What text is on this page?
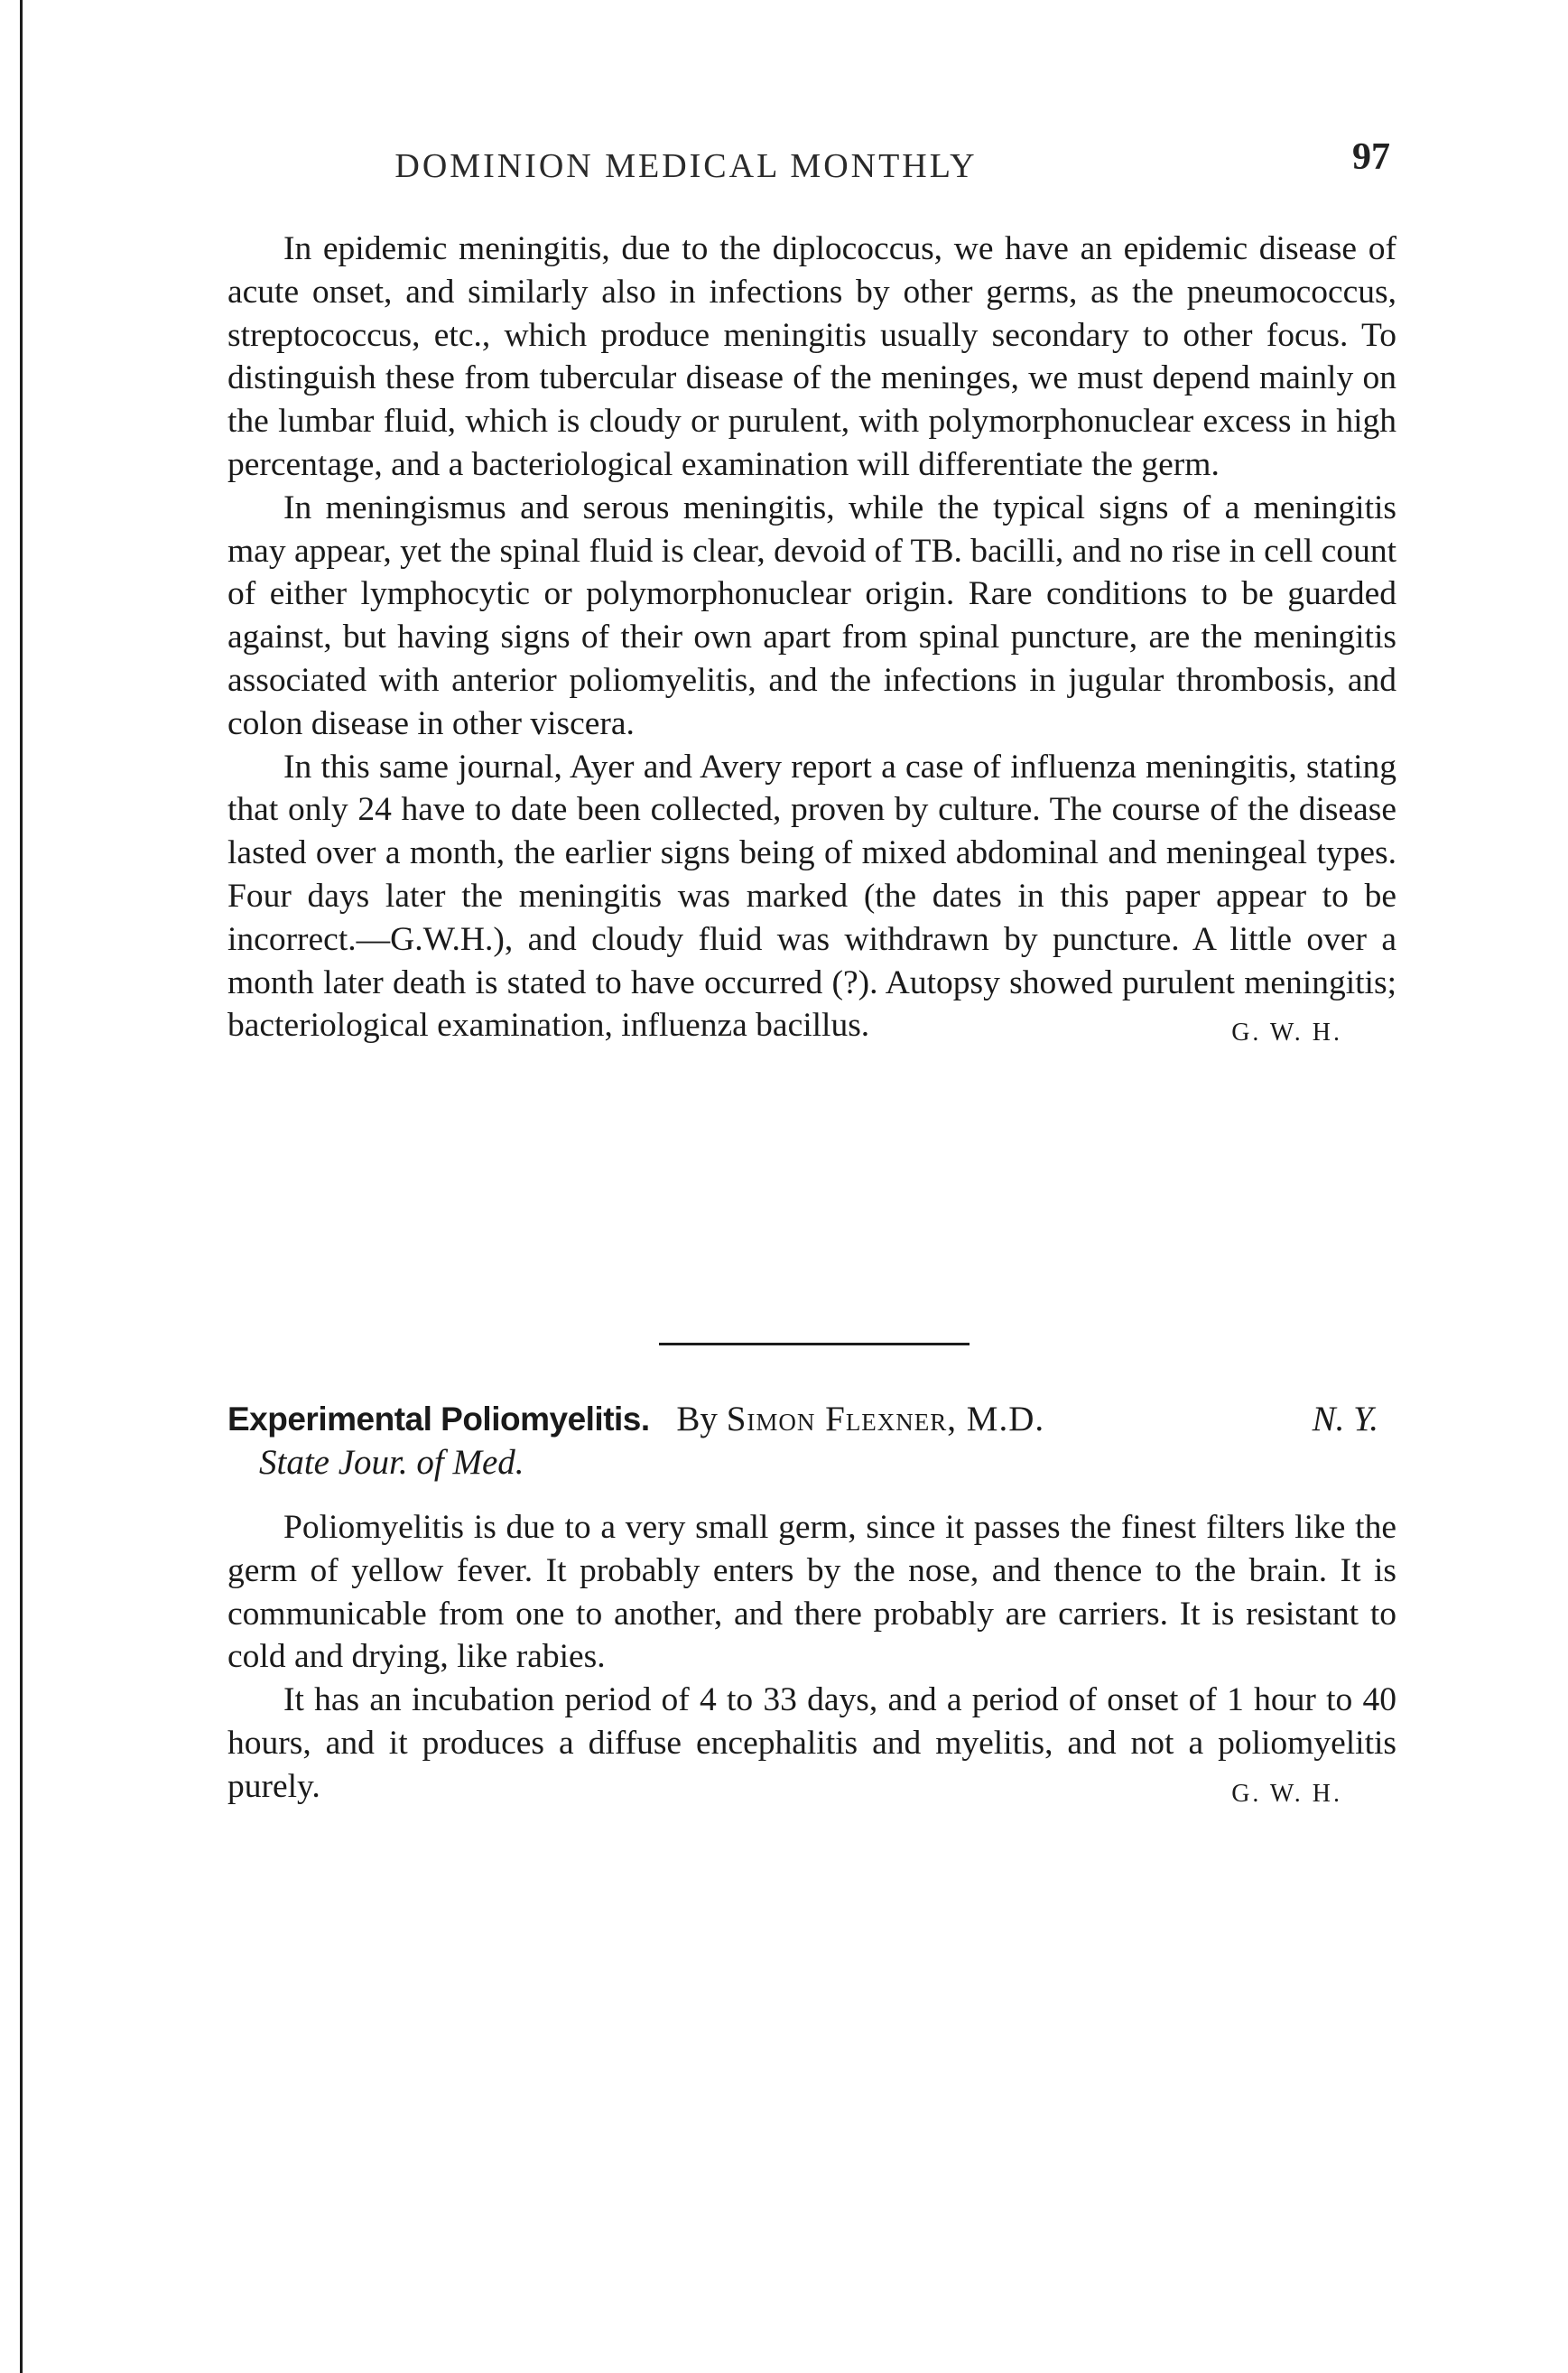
DOMINION MEDICAL MONTHLY	97

In epidemic meningitis, due to the diplococcus, we have an epidemic disease of acute onset, and similarly also in infections by other germs, as the pneumococcus, streptococcus, etc., which produce meningitis usually secondary to other focus. To distinguish these from tubercular disease of the meninges, we must depend mainly on the lumbar fluid, which is cloudy or purulent, with polymorphonuclear excess in high percentage, and a bacteriological examination will differentiate the germ.

In meningismus and serous meningitis, while the typical signs of a meningitis may appear, yet the spinal fluid is clear, devoid of TB. bacilli, and no rise in cell count of either lymphocytic or polymorphonuclear origin. Rare conditions to be guarded against, but having signs of their own apart from spinal puncture, are the meningitis associated with anterior poliomyelitis, and the infections in jugular thrombosis, and colon disease in other viscera.

In this same journal, Ayer and Avery report a case of influenza meningitis, stating that only 24 have to date been collected, proven by culture. The course of the disease lasted over a month, the earlier signs being of mixed abdominal and meningeal types. Four days later the meningitis was marked (the dates in this paper appear to be incorrect.—G.W.H.), and cloudy fluid was withdrawn by puncture. A little over a month later death is stated to have occurred (?). Autopsy showed purulent meningitis; bacteriological examination, influenza bacillus.	G. W. H.

Experimental Poliomyelitis. By Simon Flexner, M.D.	N. Y.
State Jour. of Med.

Poliomyelitis is due to a very small germ, since it passes the finest filters like the germ of yellow fever. It probably enters by the nose, and thence to the brain. It is communicable from one to another, and there probably are carriers. It is resistant to cold and drying, like rabies.

It has an incubation period of 4 to 33 days, and a period of onset of 1 hour to 40 hours, and it produces a diffuse encephalitis and myelitis, and not a poliomyelitis purely.	G. W. H.
